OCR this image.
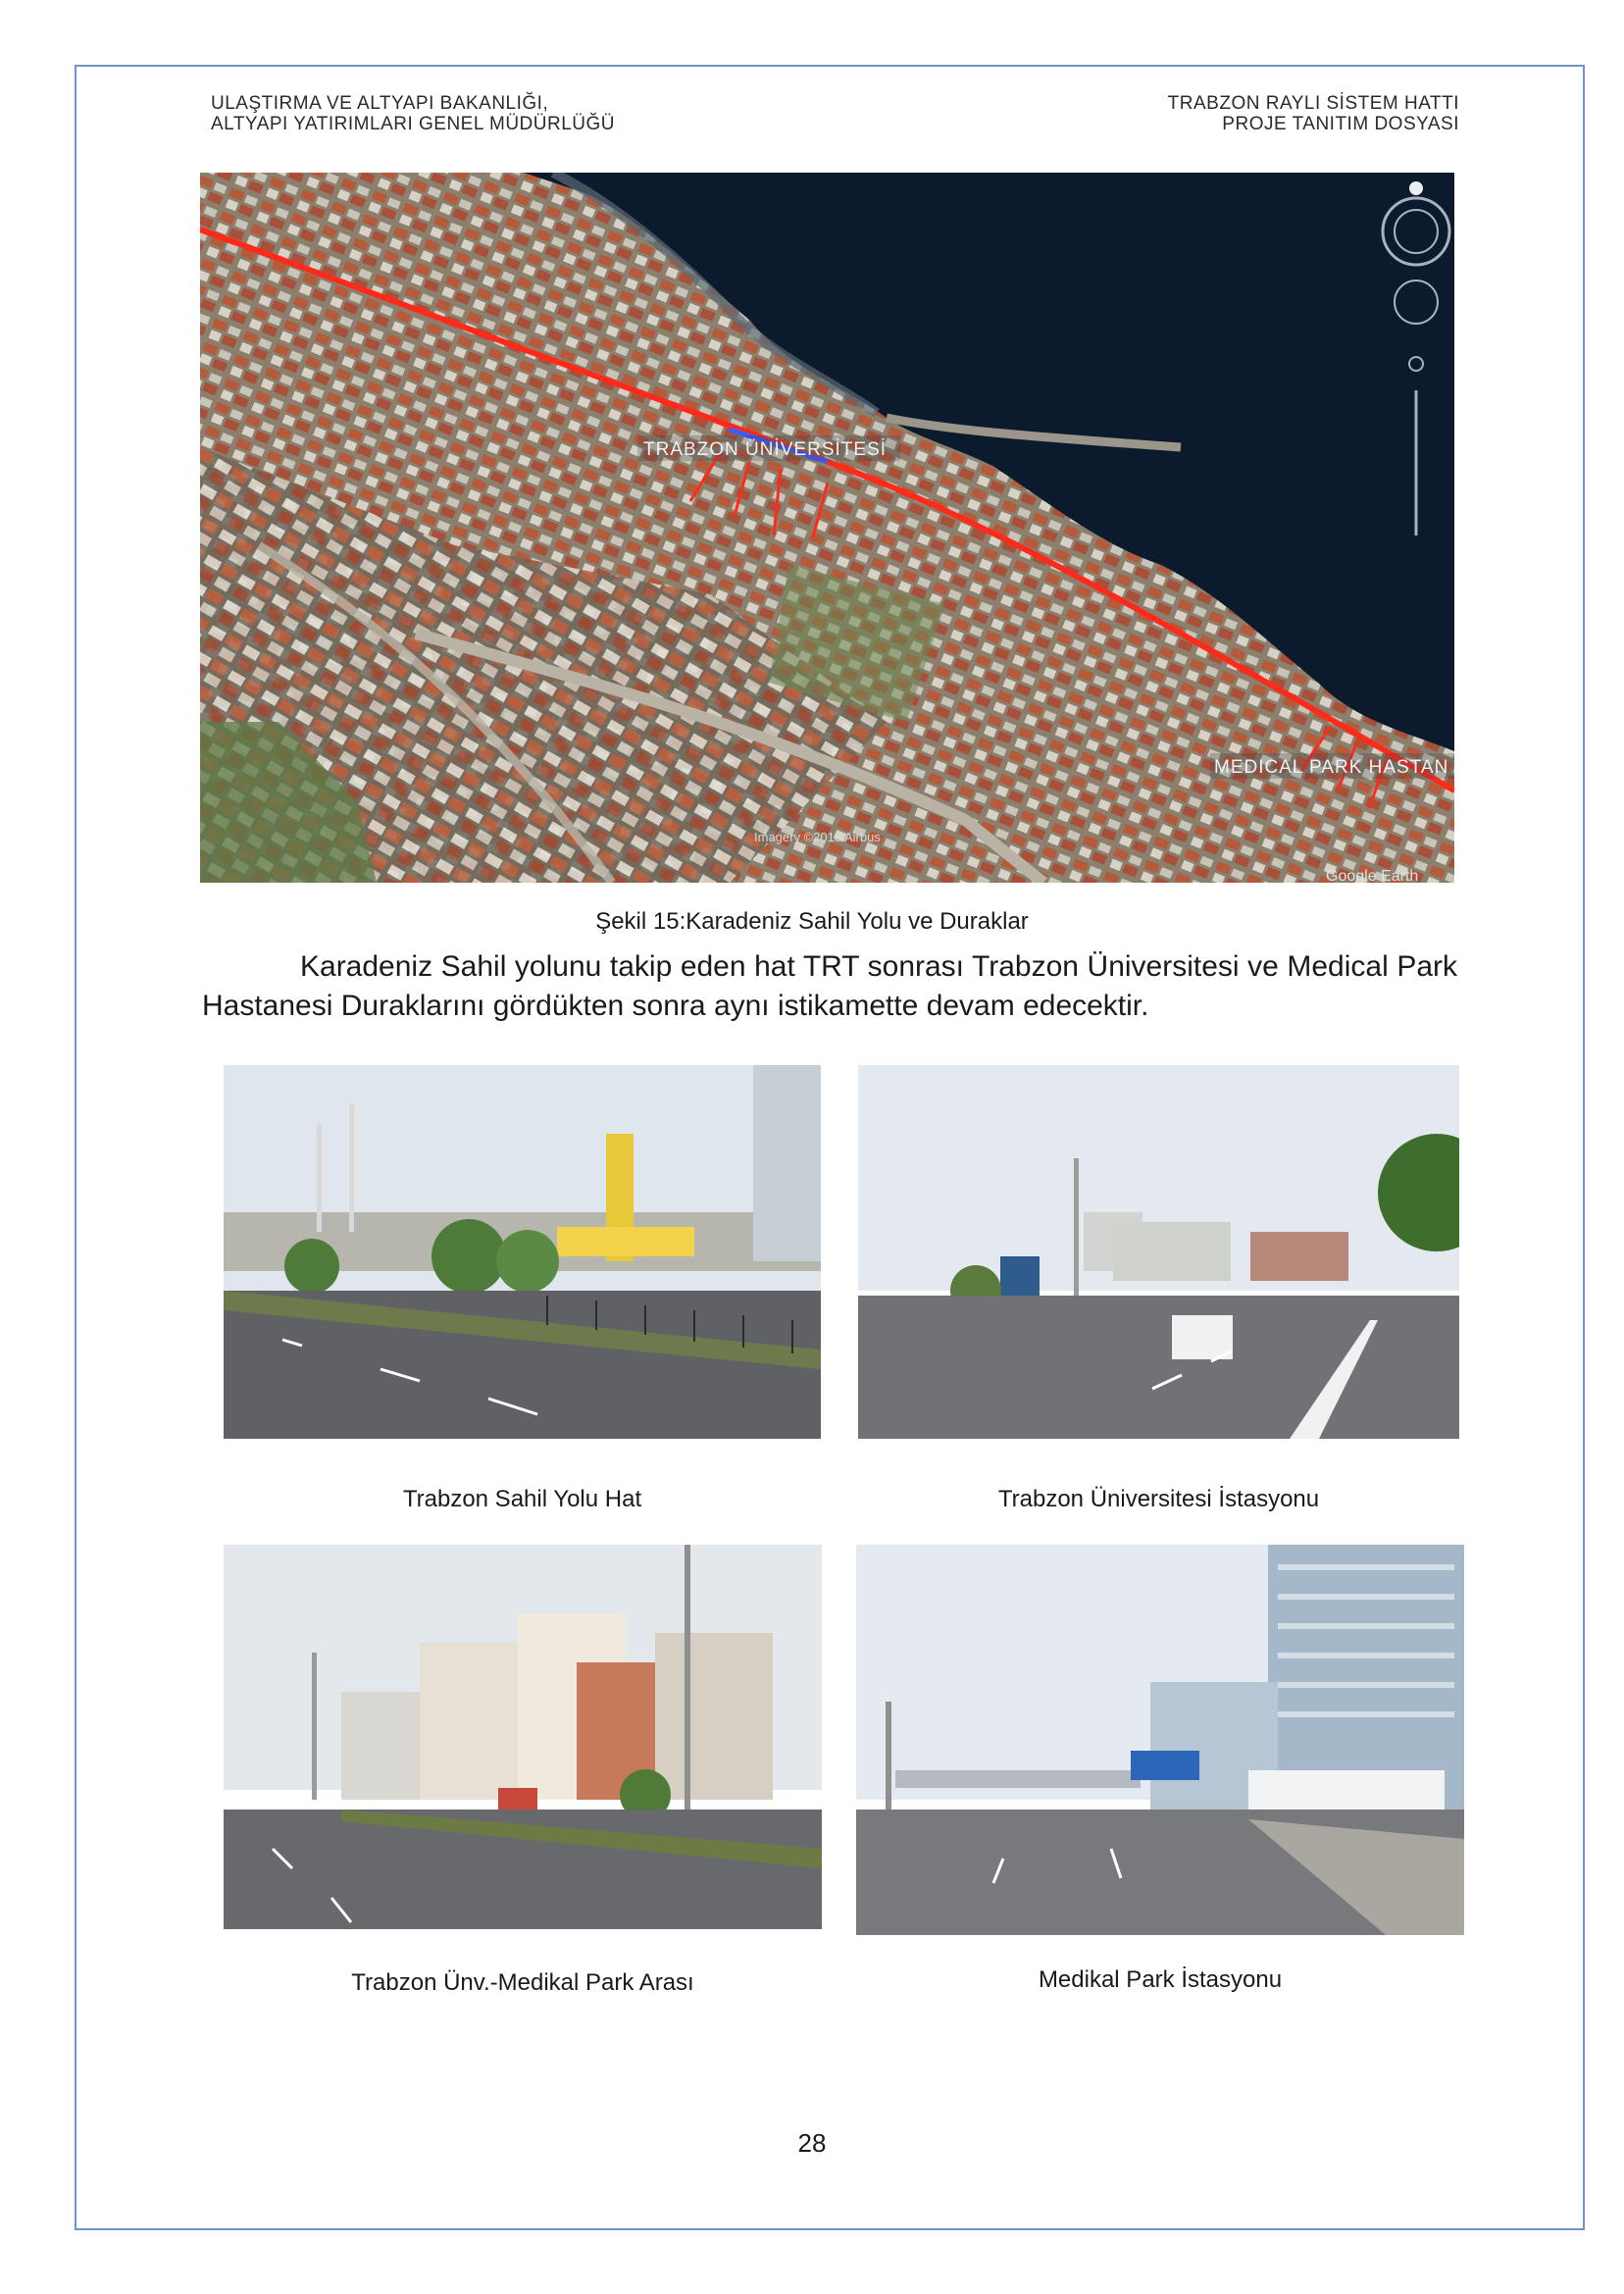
ULAŞTIRMA VE ALTYAPI BAKANLIĞI,
ALTYAPI YATIRIMLARI GENEL MÜDÜRLÜĞÜ
TRABZON RAYLI SİSTEM HATTI
PROJE TANITIM DOSYASI
TRABZON ÜNİVERSİTESİ
MEDICAL PARK HASTAN
Imagery ©2018 Airbus
Google Earth
Şekil 15:Karadeniz Sahil Yolu ve Duraklar
Karadeniz Sahil yolunu takip eden hat TRT sonrası Trabzon Üniversitesi ve Medical Park Hastanesi Duraklarını gördükten sonra aynı istikamette devam edecektir.
Trabzon Sahil Yolu Hat	Trabzon Üniversitesi İstasyonu
Trabzon Ünv.-Medikal Park Arası	Medikal Park İstasyonu
28
